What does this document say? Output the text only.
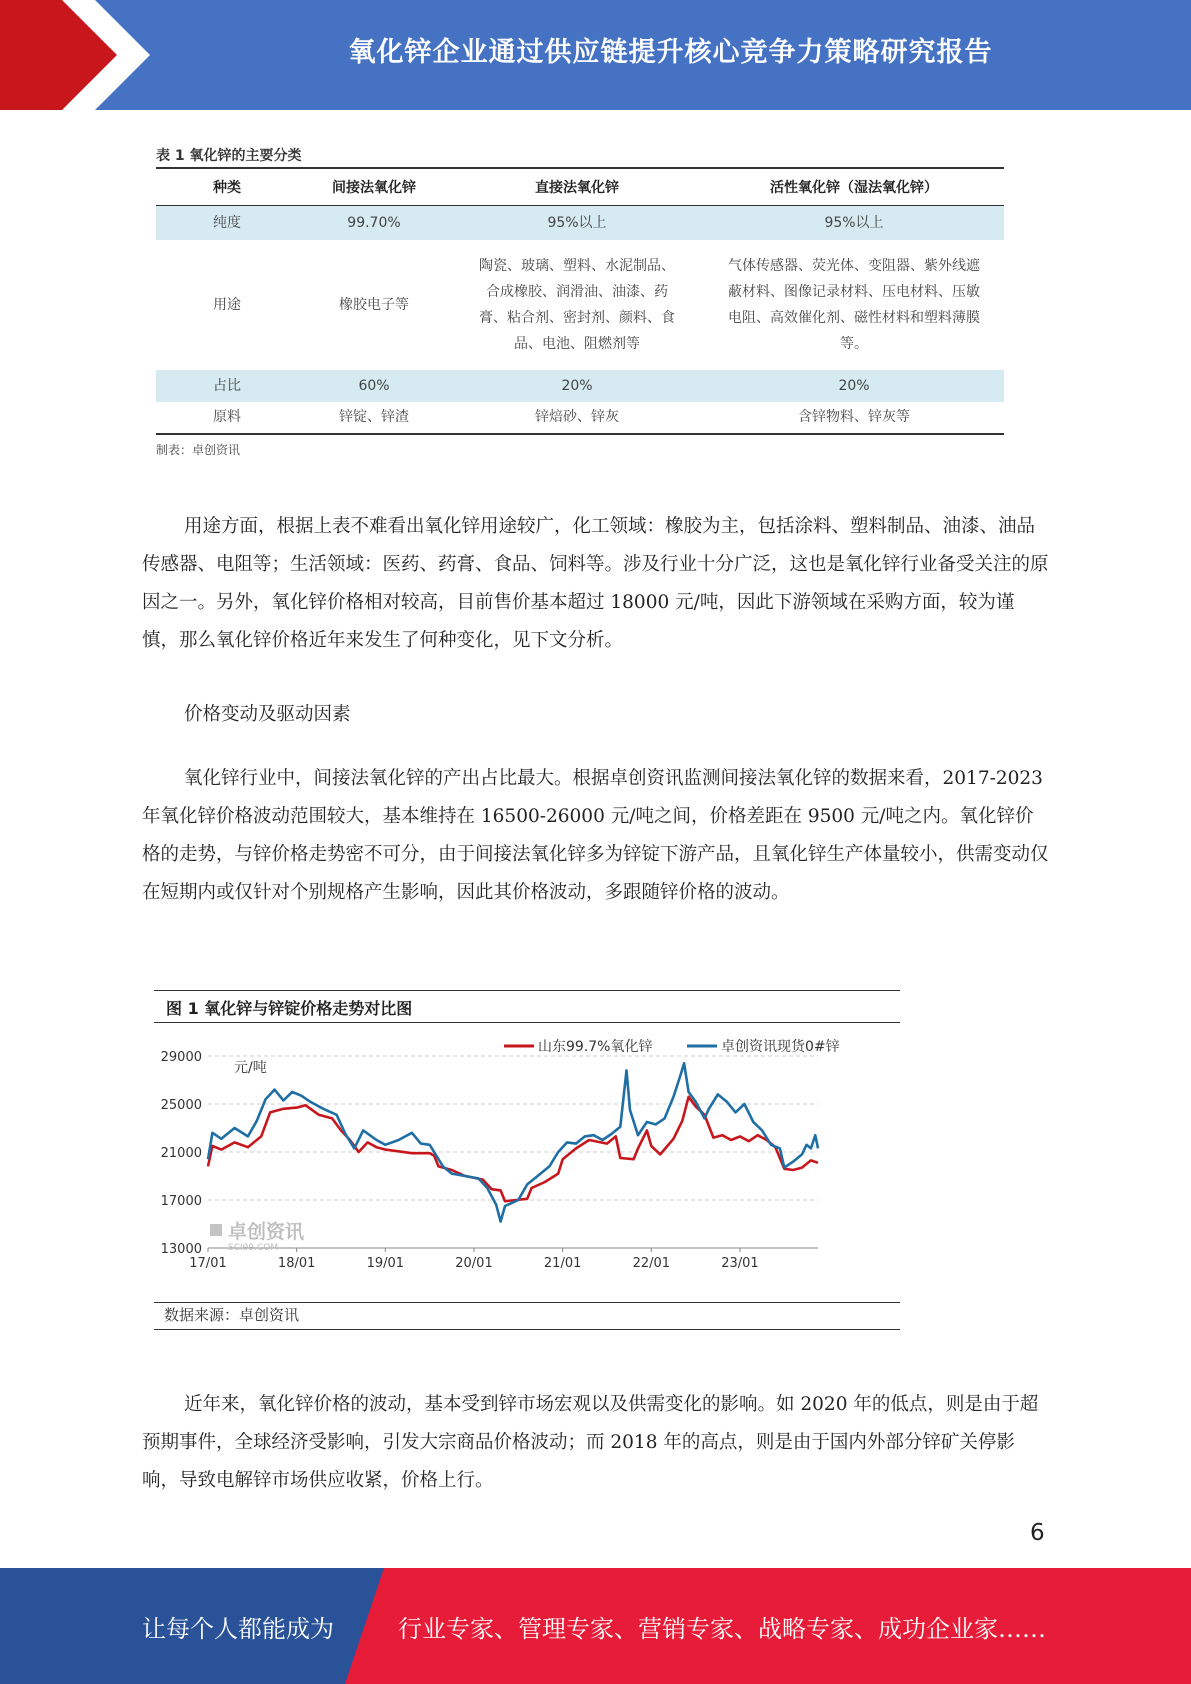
氧化锌企业通过供应链提升核心竞争力策略研究报告
表 1 氧化锌的主要分类
种类	间接法氧化锌	直接法氧化锌	活性氧化锌（湿法氧化锌）
纯度	99.70%	95%以上	95%以上
用途	橡胶电子等	陶瓷、玻璃、塑料、水泥制品、合成橡胶、润滑油、油漆、药膏、粘合剂、密封剂、颜料、食品、电池、阻燃剂等	气体传感器、荧光体、变阻器、紫外线遮蔽材料、图像记录材料、压电材料、压敏电阻、高效催化剂、磁性材料和塑料薄膜等。
占比	60%	20%	20%
原料	锌锭、锌渣	锌焙砂、锌灰	含锌物料、锌灰等
制表：卓创资讯

用途方面，根据上表不难看出氧化锌用途较广，化工领域：橡胶为主，包括涂料、塑料制品、油漆、油品传感器、电阻等；生活领域：医药、药膏、食品、饲料等。涉及行业十分广泛，这也是氧化锌行业备受关注的原因之一。另外，氧化锌价格相对较高，目前售价基本超过 18000 元/吨，因此下游领域在采购方面，较为谨慎，那么氧化锌价格近年来发生了何种变化，见下文分析。

价格变动及驱动因素

氧化锌行业中，间接法氧化锌的产出占比最大。根据卓创资讯监测间接法氧化锌的数据来看，2017-2023 年氧化锌价格波动范围较大，基本维持在 16500-26000 元/吨之间，价格差距在 9500 元/吨之内。氧化锌价格的走势，与锌价格走势密不可分，由于间接法氧化锌多为锌锭下游产品，且氧化锌生产体量较小，供需变动仅在短期内或仅针对个别规格产生影响，因此其价格波动，多跟随锌价格的波动。

图 1 氧化锌与锌锭价格走势对比图
13000
17000
21000
25000
29000
17/01	18/01	19/01	20/01	21/01	22/01	23/01
元/吨
卓创资讯
SCI99.COM
山东99.7%氧化锌	卓创资讯现货0#锌
数据来源：卓创资讯

近年来，氧化锌价格的波动，基本受到锌市场宏观以及供需变化的影响。如 2020 年的低点，则是由于超预期事件，全球经济受影响，引发大宗商品价格波动；而 2018 年的高点，则是由于国内外部分锌矿关停影响，导致电解锌市场供应收紧，价格上行。

6
让每个人都能成为	行业专家、管理专家、营销专家、战略专家、成功企业家……
